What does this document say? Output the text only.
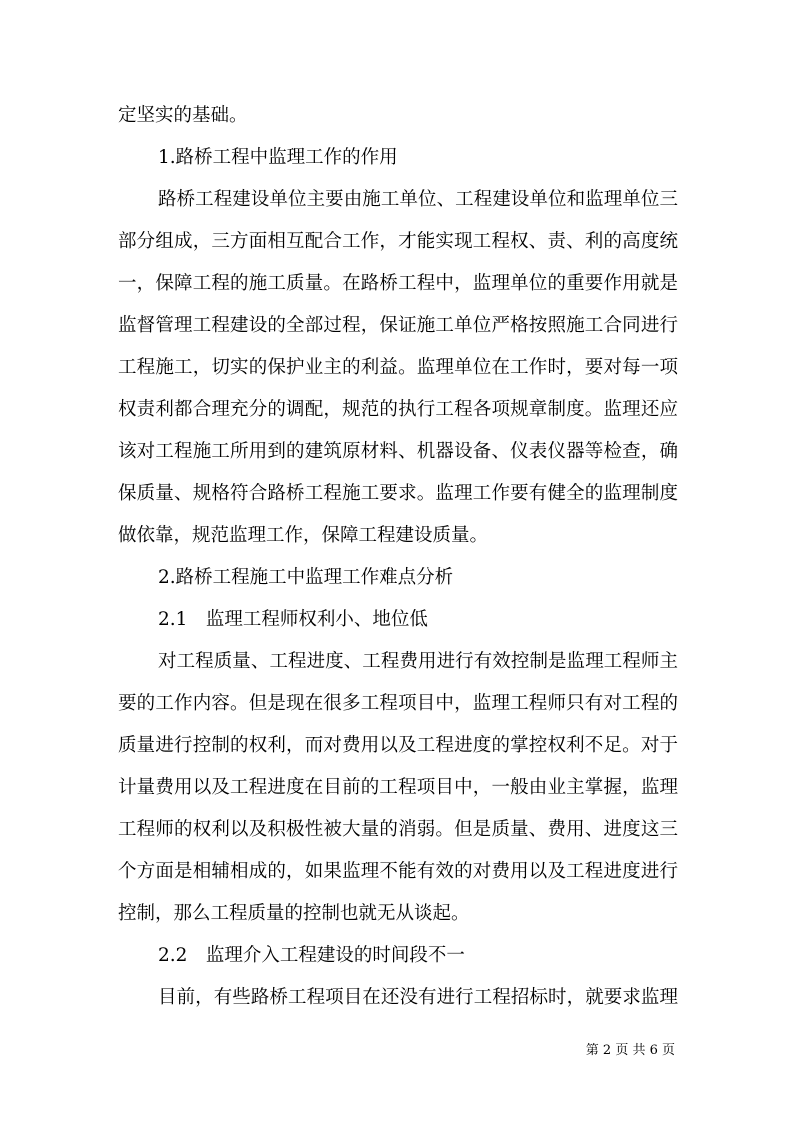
定坚实的基础。
1.路桥工程中监理工作的作用
路桥工程建设单位主要由施工单位、工程建设单位和监理单位三
部分组成，三方面相互配合工作，才能实现工程权、责、利的高度统
一，保障工程的施工质量。在路桥工程中，监理单位的重要作用就是
监督管理工程建设的全部过程，保证施工单位严格按照施工合同进行
工程施工，切实的保护业主的利益。监理单位在工作时，要对每一项
权责利都合理充分的调配，规范的执行工程各项规章制度。监理还应
该对工程施工所用到的建筑原材料、机器设备、仪表仪器等检查，确
保质量、规格符合路桥工程施工要求。监理工作要有健全的监理制度
做依靠，规范监理工作，保障工程建设质量。
2.路桥工程施工中监理工作难点分析
2.1　监理工程师权利小、地位低
对工程质量、工程进度、工程费用进行有效控制是监理工程师主
要的工作内容。但是现在很多工程项目中，监理工程师只有对工程的
质量进行控制的权利，而对费用以及工程进度的掌控权利不足。对于
计量费用以及工程进度在目前的工程项目中，一般由业主掌握，监理
工程师的权利以及积极性被大量的消弱。但是质量、费用、进度这三
个方面是相辅相成的，如果监理不能有效的对费用以及工程进度进行
控制，那么工程质量的控制也就无从谈起。
2.2　监理介入工程建设的时间段不一
目前，有些路桥工程项目在还没有进行工程招标时，就要求监理
第 2 页 共 6 页
